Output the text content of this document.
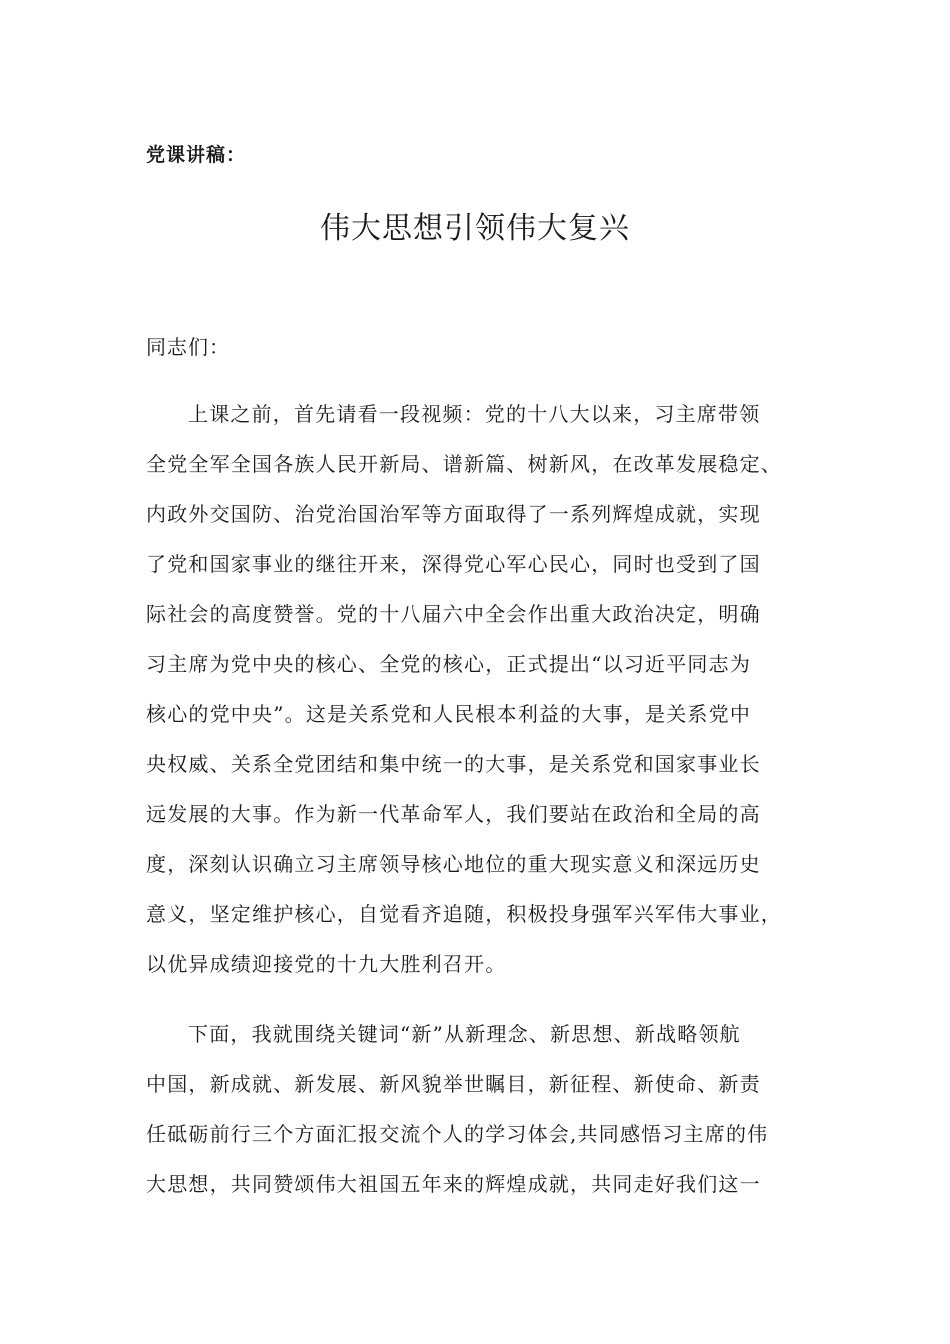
党课讲稿：
伟大思想引领伟大复兴
同志们：
上课之前，首先请看一段视频：党的十八大以来，习主席带领
全党全军全国各族人民开新局、谱新篇、树新风，在改革发展稳定、
内政外交国防、治党治国治军等方面取得了一系列辉煌成就，实现
了党和国家事业的继往开来，深得党心军心民心，同时也受到了国
际社会的高度赞誉。党的十八届六中全会作出重大政治决定，明确
习主席为党中央的核心、全党的核心，正式提出“以习近平同志为
核心的党中央”。这是关系党和人民根本利益的大事，是关系党中
央权威、关系全党团结和集中统一的大事，是关系党和国家事业长
远发展的大事。作为新一代革命军人，我们要站在政治和全局的高
度，深刻认识确立习主席领导核心地位的重大现实意义和深远历史
意义，坚定维护核心，自觉看齐追随，积极投身强军兴军伟大事业，
以优异成绩迎接党的十九大胜利召开。
下面，我就围绕关键词“新”从新理念、新思想、新战略领航
中国，新成就、新发展、新风貌举世瞩目，新征程、新使命、新责
任砥砺前行三个方面汇报交流个人的学习体会,共同感悟习主席的伟
大思想，共同赞颂伟大祖国五年来的辉煌成就，共同走好我们这一
